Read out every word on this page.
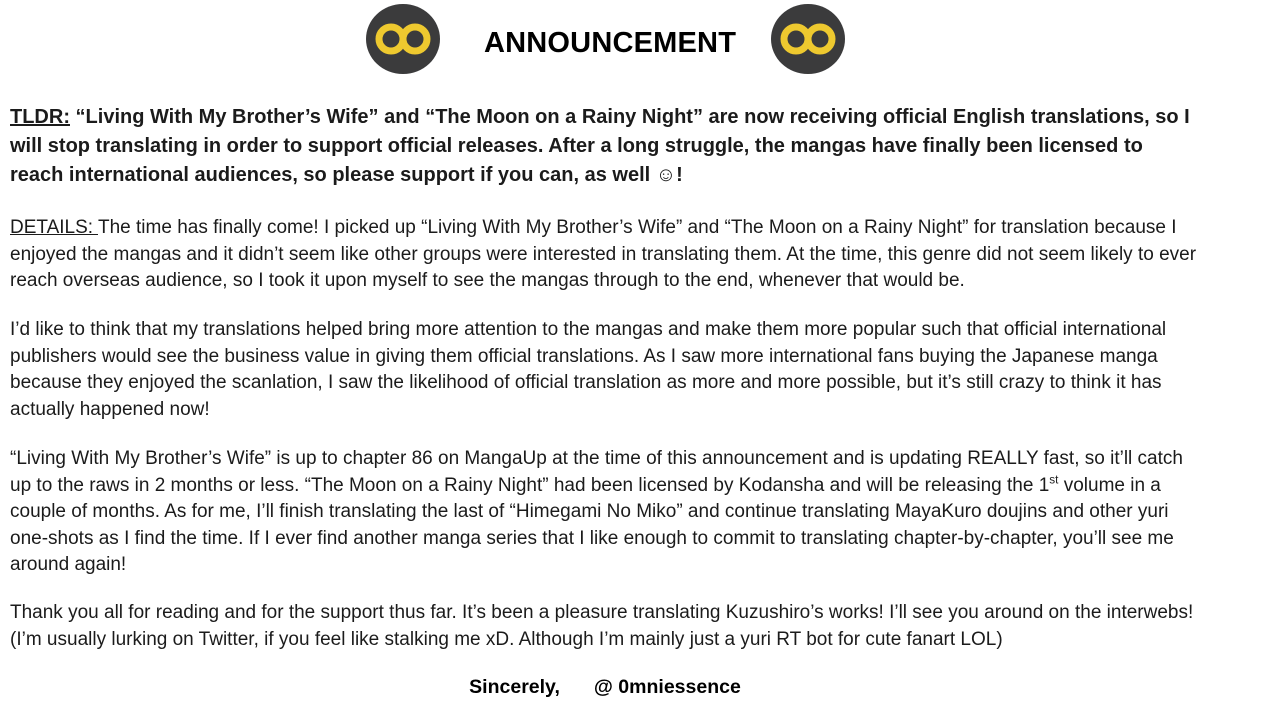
ANNOUNCEMENT
TLDR: “Living With My Brother’s Wife” and “The Moon on a Rainy Night” are now receiving official English translations, so I
will stop translating in order to support official releases. After a long struggle, the mangas have finally been licensed to
reach international audiences, so please support if you can, as well ☺!
DETAILS: The time has finally come! I picked up “Living With My Brother’s Wife” and “The Moon on a Rainy Night” for translation because I
enjoyed the mangas and it didn’t seem like other groups were interested in translating them. At the time, this genre did not seem likely to ever
reach overseas audience, so I took it upon myself to see the mangas through to the end, whenever that would be.
I’d like to think that my translations helped bring more attention to the mangas and make them more popular such that official international
publishers would see the business value in giving them official translations. As I saw more international fans buying the Japanese manga
because they enjoyed the scanlation, I saw the likelihood of official translation as more and more possible, but it’s still crazy to think it has
actually happened now!
“Living With My Brother’s Wife” is up to chapter 86 on MangaUp at the time of this announcement and is updating REALLY fast, so it’ll catch
up to the raws in 2 months or less. “The Moon on a Rainy Night” had been licensed by Kodansha and will be releasing the 1st volume in a
couple of months. As for me, I’ll finish translating the last of “Himegami No Miko” and continue translating MayaKuro doujins and other yuri
one-shots as I find the time. If I ever find another manga series that I like enough to commit to translating chapter-by-chapter, you’ll see me
around again!
Thank you all for reading and for the support thus far. It’s been a pleasure translating Kuzushiro’s works! I’ll see you around on the interwebs!
(I’m usually lurking on Twitter, if you feel like stalking me xD. Although I’m mainly just a yuri RT bot for cute fanart LOL)
Sincerely, @ 0mniessence
